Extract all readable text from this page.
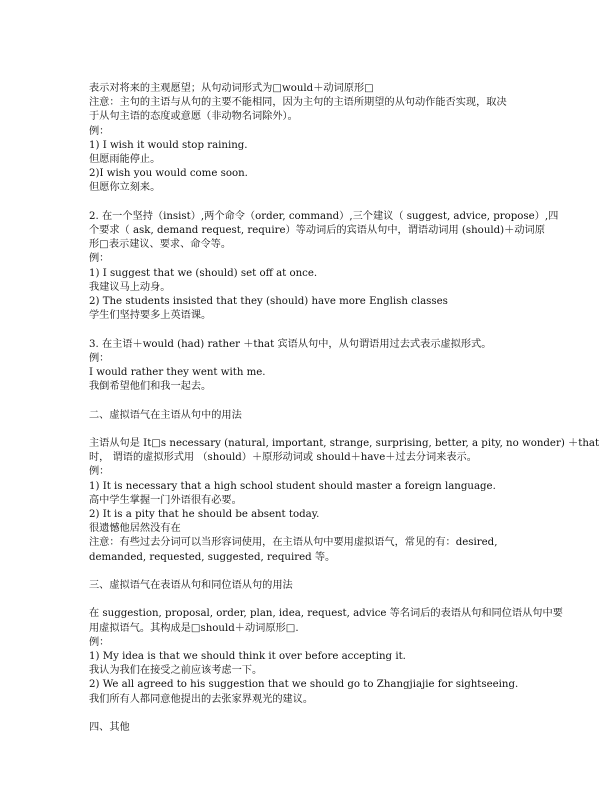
表示对将来的主观愿望；从句动词形式为□would＋动词原形□
注意：主句的主语与从句的主要不能相同，因为主句的主语所期望的从句动作能否实现，取决
于从句主语的态度或意愿（非动物名词除外）。
例：
1) I wish it would stop raining.
但愿雨能停止。
2)I wish you would come soon.
但愿你立刻来。
2. 在一个坚持（insist）,两个命令（order, command）,三个建议（ suggest, advice, propose）,四
个要求（ ask, demand request, require）等动词后的宾语从句中，谓语动词用 (should)＋动词原
形□表示建议、要求、命令等。
例：
1) I suggest that we (should) set off at once.
我建议马上动身。
2) The students insisted that they (should) have more English classes
学生们坚持要多上英语课。
3. 在主语＋would (had) rather ＋that 宾语从句中，从句谓语用过去式表示虚拟形式。
例：
I would rather they went with me.
我倒希望他们和我一起去。
二、虚拟语气在主语从句中的用法
主语从句是 It□s necessary (natural, important, strange, surprising, better, a pity, no wonder) ＋that
时， 谓语的虚拟形式用 （should）＋原形动词或 should＋have＋过去分词来表示。
例：
1) It is necessary that a high school student should master a foreign language.
高中学生掌握一门外语很有必要。
2) It is a pity that he should be absent today.
很遗憾他居然没有在
注意：有些过去分词可以当形容词使用，在主语从句中要用虚拟语气，常见的有：desired,
demanded, requested, suggested, required 等。
三、虚拟语气在表语从句和同位语从句的用法
在 suggestion, proposal, order, plan, idea, request, advice 等名词后的表语从句和同位语从句中要
用虚拟语气。其构成是□should＋动词原形□.
例：
1) My idea is that we should think it over before accepting it.
我认为我们在接受之前应该考虑一下。
2) We all agreed to his suggestion that we should go to Zhangjiajie for sightseeing.
我们所有人都同意他提出的去张家界观光的建议。
四、其他
